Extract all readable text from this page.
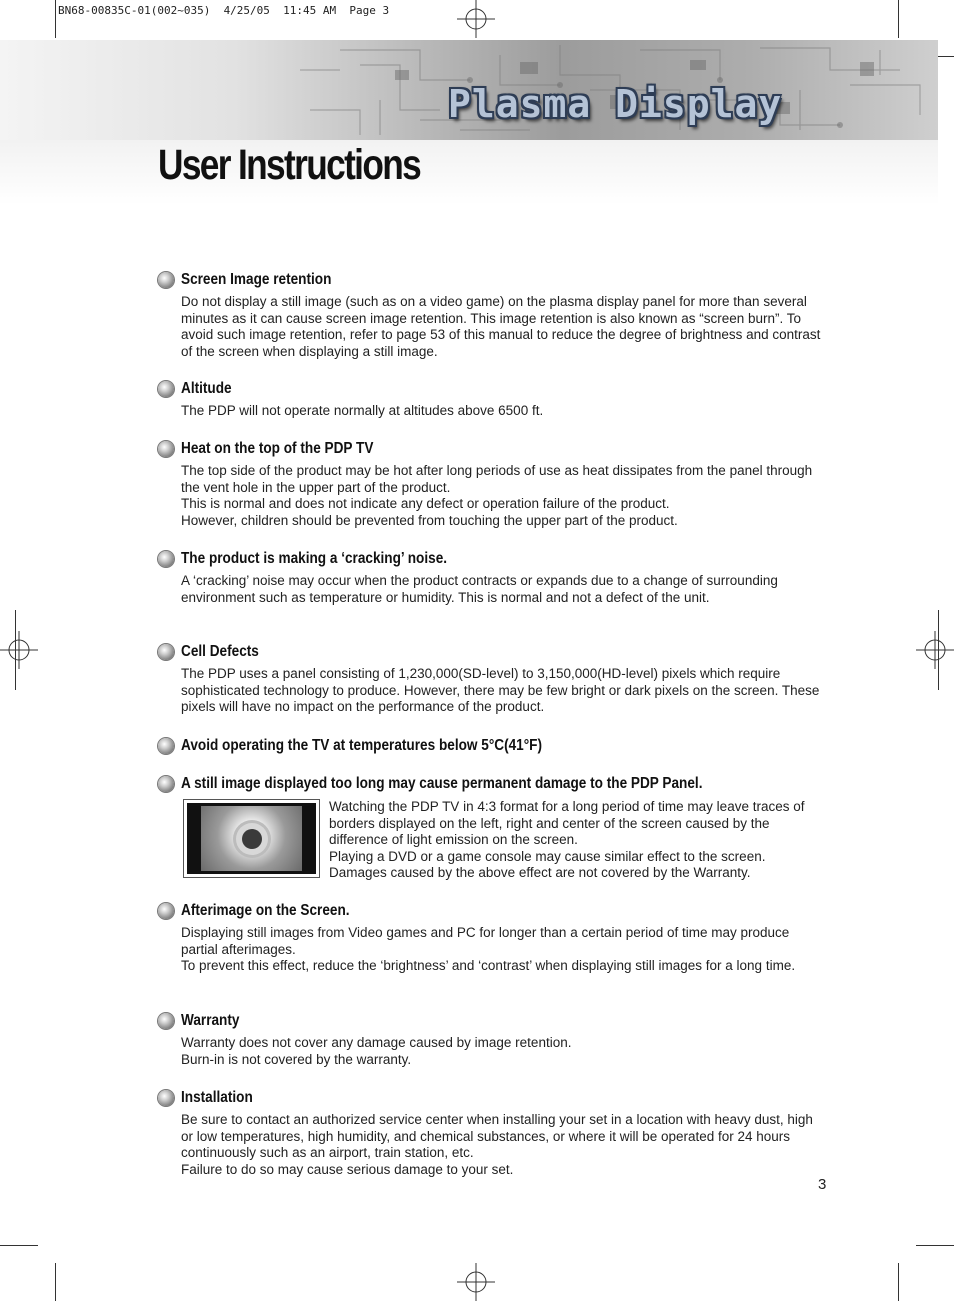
BN68-00835C-01(002~035)  4/25/05  11:45 AM  Page 3
Plasma Display
User Instructions
Screen Image retention

Do not display a still image (such as on a video game) on the plasma display panel for more than several minutes as it can cause screen image retention. This image retention is also known as “screen burn”. To avoid such image retention, refer to page 53 of this manual to reduce the degree of brightness and contrast of the screen when displaying a still image.

Altitude

The PDP will not operate normally at altitudes above 6500 ft.

Heat on the top of the PDP TV

The top side of the product may be hot after long periods of use as heat dissipates from the panel through the vent hole in the upper part of the product.

This is normal and does not indicate any defect or operation failure of the product.

However, children should be prevented from touching the upper part of the product.

The product is making a ‘cracking’ noise.

A ‘cracking’ noise may occur when the product contracts or expands due to a change of surrounding environment such as temperature or humidity. This is normal and not a defect of the unit.

Cell Defects

The PDP uses a panel consisting of 1,230,000(SD-level) to 3,150,000(HD-level) pixels which require sophisticated technology to produce. However, there may be few bright or dark pixels on the screen. These pixels will have no impact on the performance of the product.

Avoid operating the TV at temperatures below 5°C(41°F)
A still image displayed too long may cause permanent damage to the PDP Panel.

Watching the PDP TV in 4:3 format for a long period of time may leave traces of borders displayed on the left, right and center of the screen caused by the difference of light emission on the screen.

Playing a DVD or a game console may cause similar effect to the screen.

Damages caused by the above effect are not covered by the Warranty.

Afterimage on the Screen.

Displaying still images from Video games and PC for longer than a certain period of time may produce partial afterimages.

To prevent this effect, reduce the ‘brightness’ and ‘contrast’ when displaying still images for a long time.

Warranty

Warranty does not cover any damage caused by image retention.

Burn-in is not covered by the warranty.

Installation

Be sure to contact an authorized service center when installing your set in a location with heavy dust, high or low temperatures, high humidity, and chemical substances, or where it will be operated for 24 hours continuously such as an airport, train station, etc.

Failure to do so may cause serious damage to your set.

3
